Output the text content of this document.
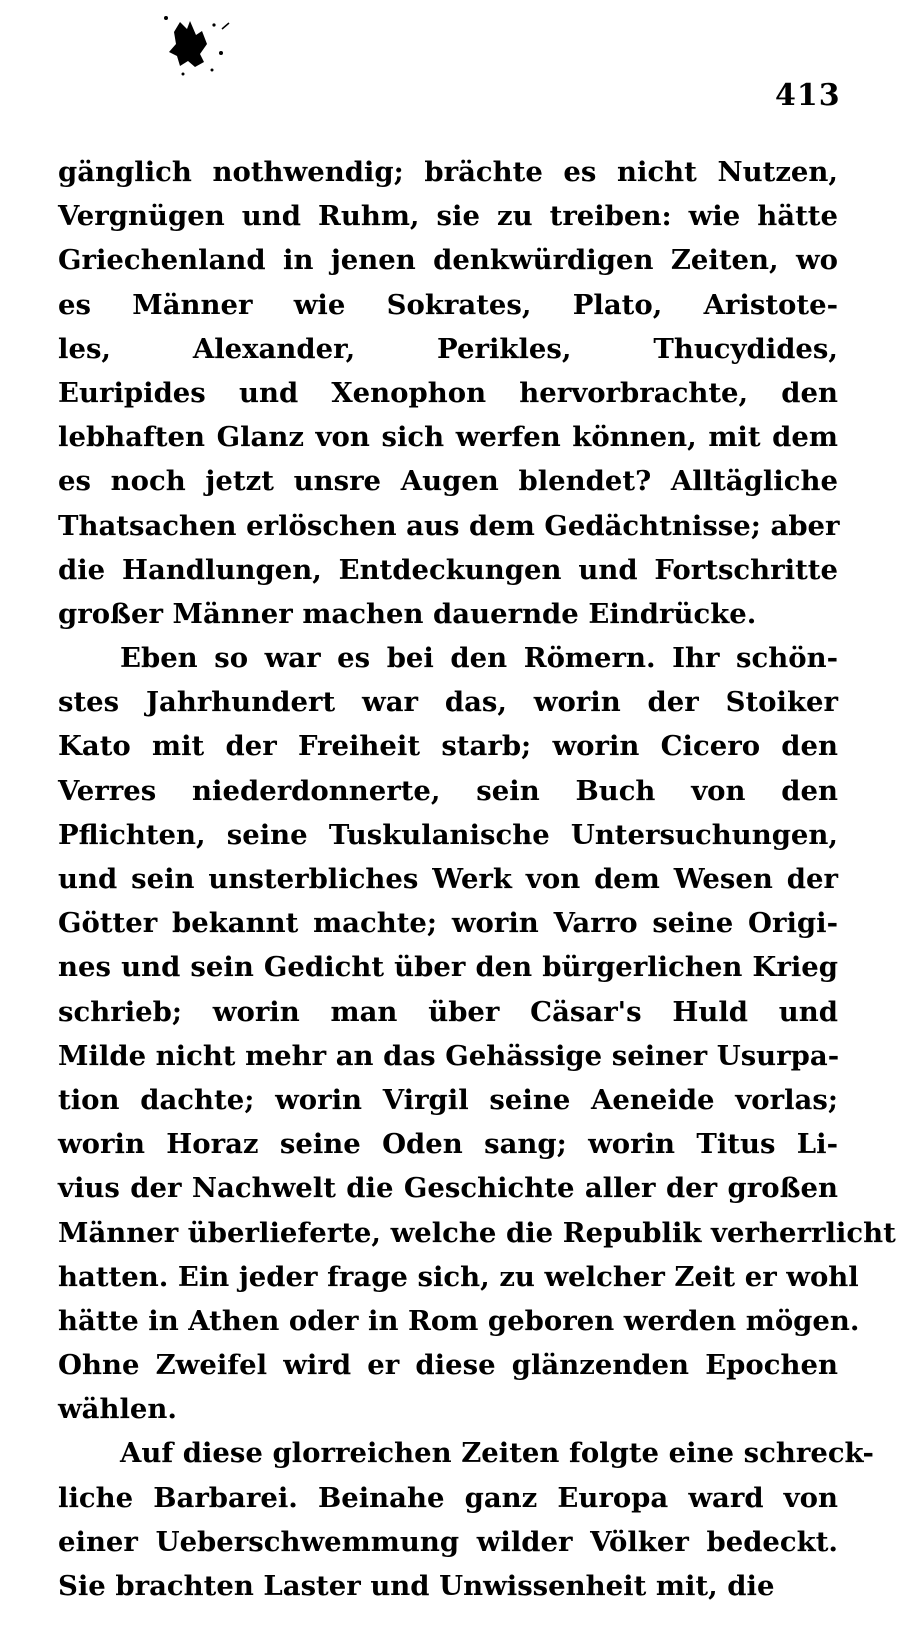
413
gänglich nothwendig; brächte es nicht Nutzen,
Vergnügen und Ruhm, sie zu treiben: wie hätte
Griechenland in jenen denkwürdigen Zeiten, wo
es Männer wie Sokrates, Plato, Aristote-
les, Alexander, Perikles, Thucydides,
Euripides und Xenophon hervorbrachte, den
lebhaften Glanz von sich werfen können, mit dem
es noch jetzt unsre Augen blendet? Alltägliche
Thatsachen erlöschen aus dem Gedächtnisse; aber
die Handlungen, Entdeckungen und Fortschritte
großer Männer machen dauernde Eindrücke.
Eben so war es bei den Römern. Ihr schön-
stes Jahrhundert war das, worin der Stoiker
Kato mit der Freiheit starb; worin Cicero den
Verres niederdonnerte, sein Buch von den
Pflichten, seine Tuskulanische Untersuchungen,
und sein unsterbliches Werk von dem Wesen der
Götter bekannt machte; worin Varro seine Origi-
nes und sein Gedicht über den bürgerlichen Krieg
schrieb; worin man über Cäsar's Huld und
Milde nicht mehr an das Gehässige seiner Usurpa-
tion dachte; worin Virgil seine Aeneide vorlas;
worin Horaz seine Oden sang; worin Titus Li-
vius der Nachwelt die Geschichte aller der großen
Männer überlieferte, welche die Republik verherrlicht
hatten. Ein jeder frage sich, zu welcher Zeit er wohl
hätte in Athen oder in Rom geboren werden mögen.
Ohne Zweifel wird er diese glänzenden Epochen
wählen.
Auf diese glorreichen Zeiten folgte eine schreck-
liche Barbarei. Beinahe ganz Europa ward von
einer Ueberschwemmung wilder Völker bedeckt.
Sie brachten Laster und Unwissenheit mit, die
